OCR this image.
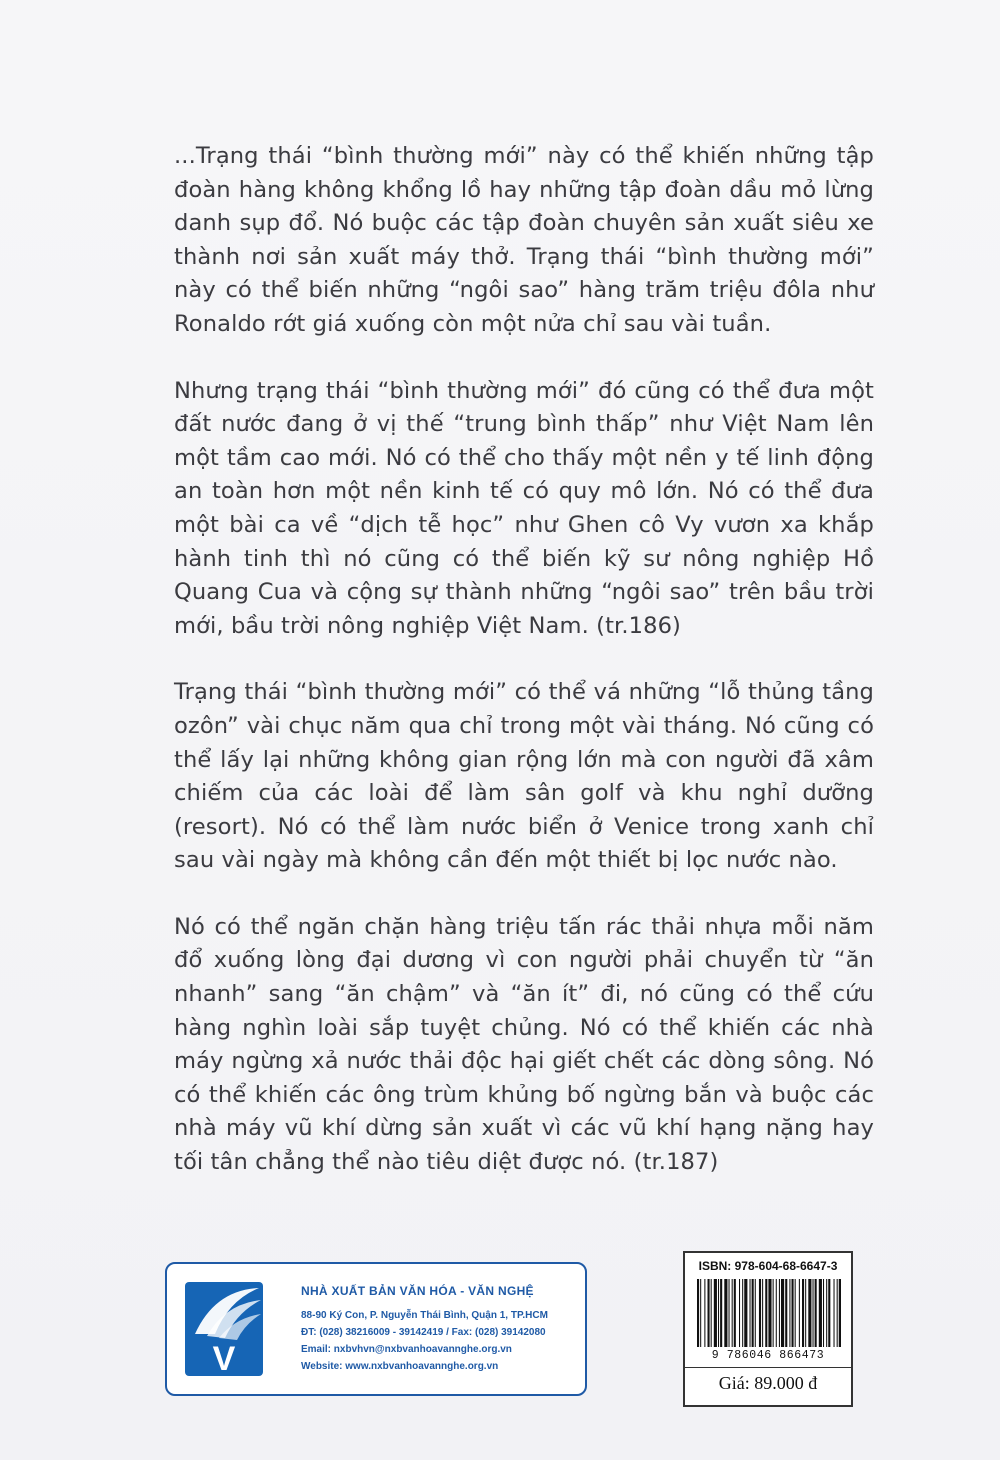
...Trạng thái “bình thường mới” này có thể khiến những tập đoàn hàng không khổng lồ hay những tập đoàn dầu mỏ lừng danh sụp đổ. Nó buộc các tập đoàn chuyên sản xuất siêu xe thành nơi sản xuất máy thở. Trạng thái “bình thường mới” này có thể biến những “ngôi sao” hàng trăm triệu đôla như Ronaldo rớt giá xuống còn một nửa chỉ sau vài tuần.

Nhưng trạng thái “bình thường mới” đó cũng có thể đưa một đất nước đang ở vị thế “trung bình thấp” như Việt Nam lên một tầm cao mới. Nó có thể cho thấy một nền y tế linh động an toàn hơn một nền kinh tế có quy mô lớn. Nó có thể đưa một bài ca về “dịch tễ học” như Ghen cô Vy vươn xa khắp hành tinh thì nó cũng có thể biến kỹ sư nông nghiệp Hồ Quang Cua và cộng sự thành những “ngôi sao” trên bầu trời mới, bầu trời nông nghiệp Việt Nam. (tr.186)

Trạng thái “bình thường mới” có thể vá những “lỗ thủng tầng ozôn” vài chục năm qua chỉ trong một vài tháng. Nó cũng có thể lấy lại những không gian rộng lớn mà con người đã xâm chiếm của các loài để làm sân golf và khu nghỉ dưỡng (resort). Nó có thể làm nước biển ở Venice trong xanh chỉ sau vài ngày mà không cần đến một thiết bị lọc nước nào.

Nó có thể ngăn chặn hàng triệu tấn rác thải nhựa mỗi năm đổ xuống lòng đại dương vì con người phải chuyển từ “ăn nhanh” sang “ăn chậm” và “ăn ít” đi, nó cũng có thể cứu hàng nghìn loài sắp tuyệt chủng. Nó có thể khiến các nhà máy ngừng xả nước thải độc hại giết chết các dòng sông. Nó có thể khiến các ông trùm khủng bố ngừng bắn và buộc các nhà máy vũ khí dừng sản xuất vì các vũ khí hạng nặng hay tối tân chẳng thể nào tiêu diệt được nó. (tr.187)

V
NHÀ XUẤT BẢN VĂN HÓA - VĂN NGHỆ
88-90 Ký Con, P. Nguyễn Thái Bình, Quận 1, TP.HCM
ĐT: (028) 38216009 - 39142419 / Fax: (028) 39142080
Email: nxbvhvn@nxbvanhoavannghe.org.vn
Website: www.nxbvanhoavannghe.org.vn
ISBN: 978-604-68-6647-3
9 786046 866473
Giá: 89.000 đ
